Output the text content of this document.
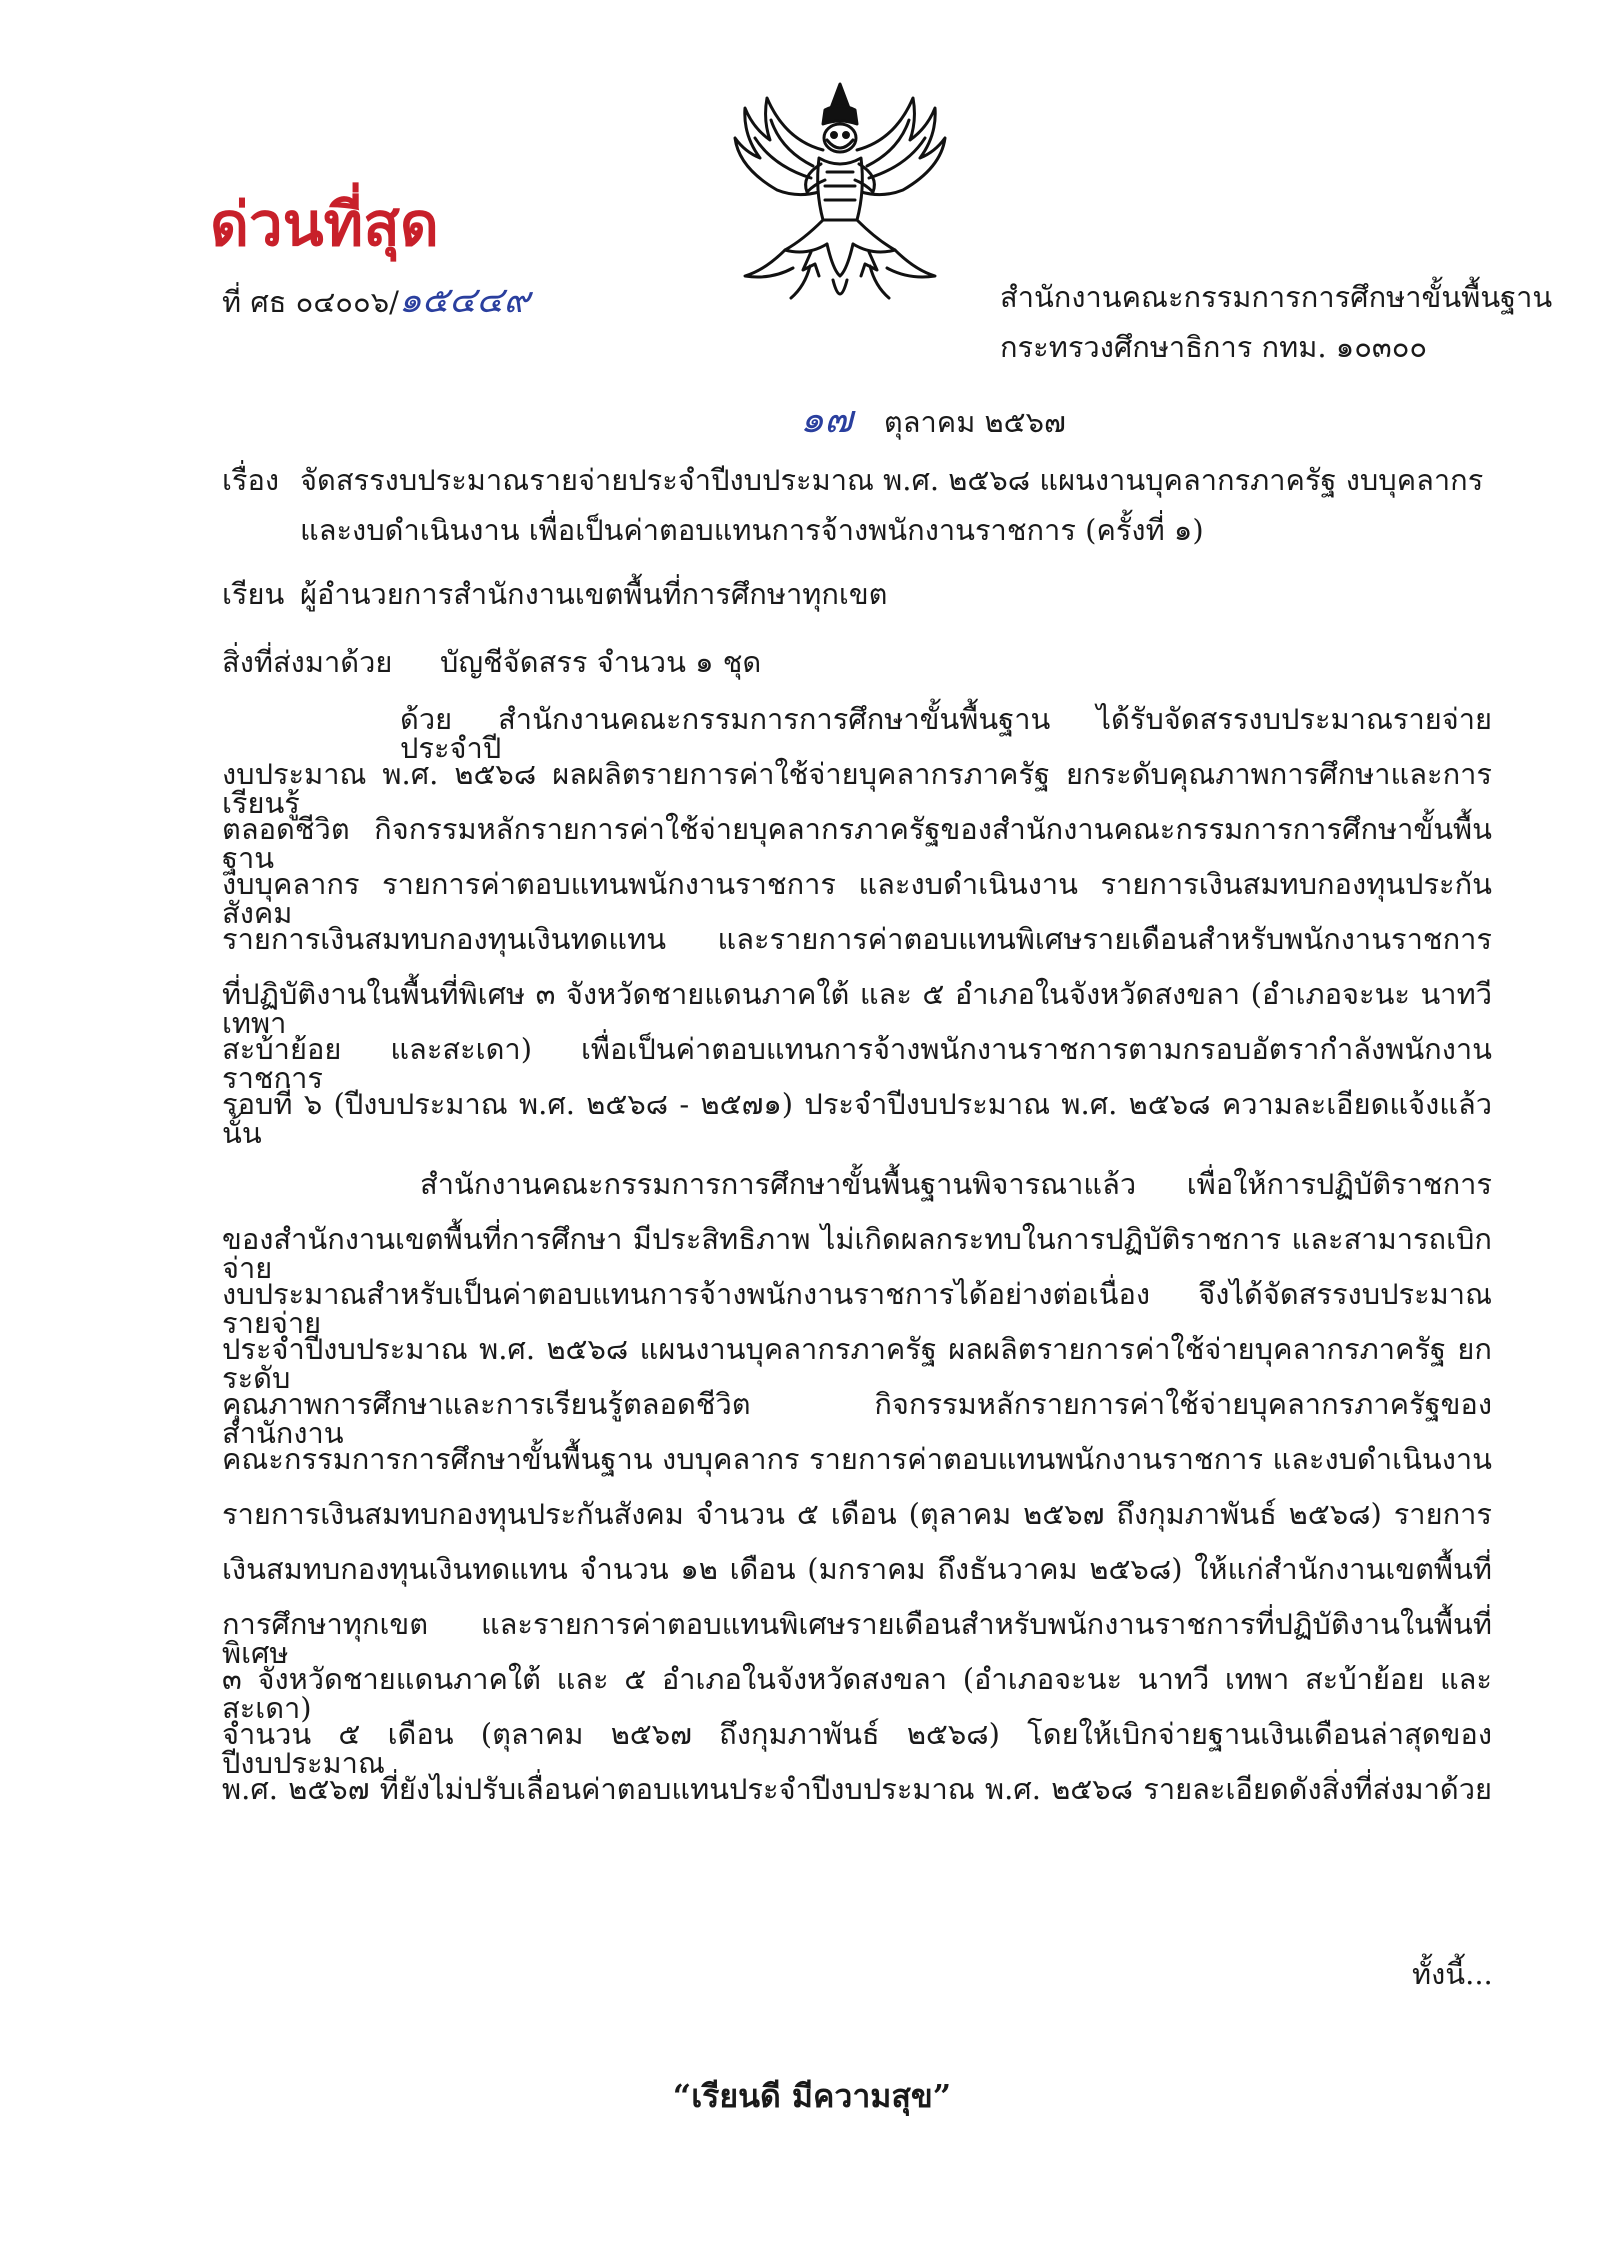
ด่วนที่สุด
ที่ ศธ ๐๔๐๐๖/๑๕๔๔๙	สำนักงานคณะกรรมการการศึกษาขั้นพื้นฐาน
กระทรวงศึกษาธิการ กทม. ๑๐๓๐๐
๑๗ ตุลาคม ๒๕๖๗
เรื่อง จัดสรรงบประมาณรายจ่ายประจำปีงบประมาณ พ.ศ. ๒๕๖๘ แผนงานบุคลากรภาครัฐ งบบุคลากร
และงบดำเนินงาน เพื่อเป็นค่าตอบแทนการจ้างพนักงานราชการ (ครั้งที่ ๑)
เรียน ผู้อำนวยการสำนักงานเขตพื้นที่การศึกษาทุกเขต
สิ่งที่ส่งมาด้วย บัญชีจัดสรร จำนวน ๑ ชุด
ด้วย สำนักงานคณะกรรมการการศึกษาขั้นพื้นฐาน ได้รับจัดสรรงบประมาณรายจ่ายประจำปี
งบประมาณ พ.ศ. ๒๕๖๘ ผลผลิตรายการค่าใช้จ่ายบุคลากรภาครัฐ ยกระดับคุณภาพการศึกษาและการเรียนรู้
ตลอดชีวิต กิจกรรมหลักรายการค่าใช้จ่ายบุคลากรภาครัฐของสำนักงานคณะกรรมการการศึกษาขั้นพื้นฐาน
งบบุคลากร รายการค่าตอบแทนพนักงานราชการ และงบดำเนินงาน รายการเงินสมทบกองทุนประกันสังคม
รายการเงินสมทบกองทุนเงินทดแทน และรายการค่าตอบแทนพิเศษรายเดือนสำหรับพนักงานราชการ
ที่ปฏิบัติงานในพื้นที่พิเศษ ๓ จังหวัดชายแดนภาคใต้ และ ๕ อำเภอในจังหวัดสงขลา (อำเภอจะนะ นาทวี เทพา
สะบ้าย้อย และสะเดา) เพื่อเป็นค่าตอบแทนการจ้างพนักงานราชการตามกรอบอัตรากำลังพนักงานราชการ
รอบที่ ๖ (ปีงบประมาณ พ.ศ. ๒๕๖๘ - ๒๕๗๑) ประจำปีงบประมาณ พ.ศ. ๒๕๖๘ ความละเอียดแจ้งแล้ว นั้น
สำนักงานคณะกรรมการการศึกษาขั้นพื้นฐานพิจารณาแล้ว เพื่อให้การปฏิบัติราชการ
ของสำนักงานเขตพื้นที่การศึกษา มีประสิทธิภาพ ไม่เกิดผลกระทบในการปฏิบัติราชการ และสามารถเบิกจ่าย
งบประมาณสำหรับเป็นค่าตอบแทนการจ้างพนักงานราชการได้อย่างต่อเนื่อง จึงได้จัดสรรงบประมาณรายจ่าย
ประจำปีงบประมาณ พ.ศ. ๒๕๖๘ แผนงานบุคลากรภาครัฐ ผลผลิตรายการค่าใช้จ่ายบุคลากรภาครัฐ ยกระดับ
คุณภาพการศึกษาและการเรียนรู้ตลอดชีวิต กิจกรรมหลักรายการค่าใช้จ่ายบุคลากรภาครัฐของสำนักงาน
คณะกรรมการการศึกษาขั้นพื้นฐาน งบบุคลากร รายการค่าตอบแทนพนักงานราชการ และงบดำเนินงาน
รายการเงินสมทบกองทุนประกันสังคม จำนวน ๕ เดือน (ตุลาคม ๒๕๖๗ ถึงกุมภาพันธ์ ๒๕๖๘) รายการ
เงินสมทบกองทุนเงินทดแทน จำนวน ๑๒ เดือน (มกราคม ถึงธันวาคม ๒๕๖๘) ให้แก่สำนักงานเขตพื้นที่
การศึกษาทุกเขต และรายการค่าตอบแทนพิเศษรายเดือนสำหรับพนักงานราชการที่ปฏิบัติงานในพื้นที่พิเศษ
๓ จังหวัดชายแดนภาคใต้ และ ๕ อำเภอในจังหวัดสงขลา (อำเภอจะนะ นาทวี เทพา สะบ้าย้อย และสะเดา)
จำนวน ๕ เดือน (ตุลาคม ๒๕๖๗ ถึงกุมภาพันธ์ ๒๕๖๘) โดยให้เบิกจ่ายฐานเงินเดือนล่าสุดของปีงบประมาณ
พ.ศ. ๒๕๖๗ ที่ยังไม่ปรับเลื่อนค่าตอบแทนประจำปีงบประมาณ พ.ศ. ๒๕๖๘ รายละเอียดดังสิ่งที่ส่งมาด้วย
ทั้งนี้...
“เรียนดี มีความสุข”
